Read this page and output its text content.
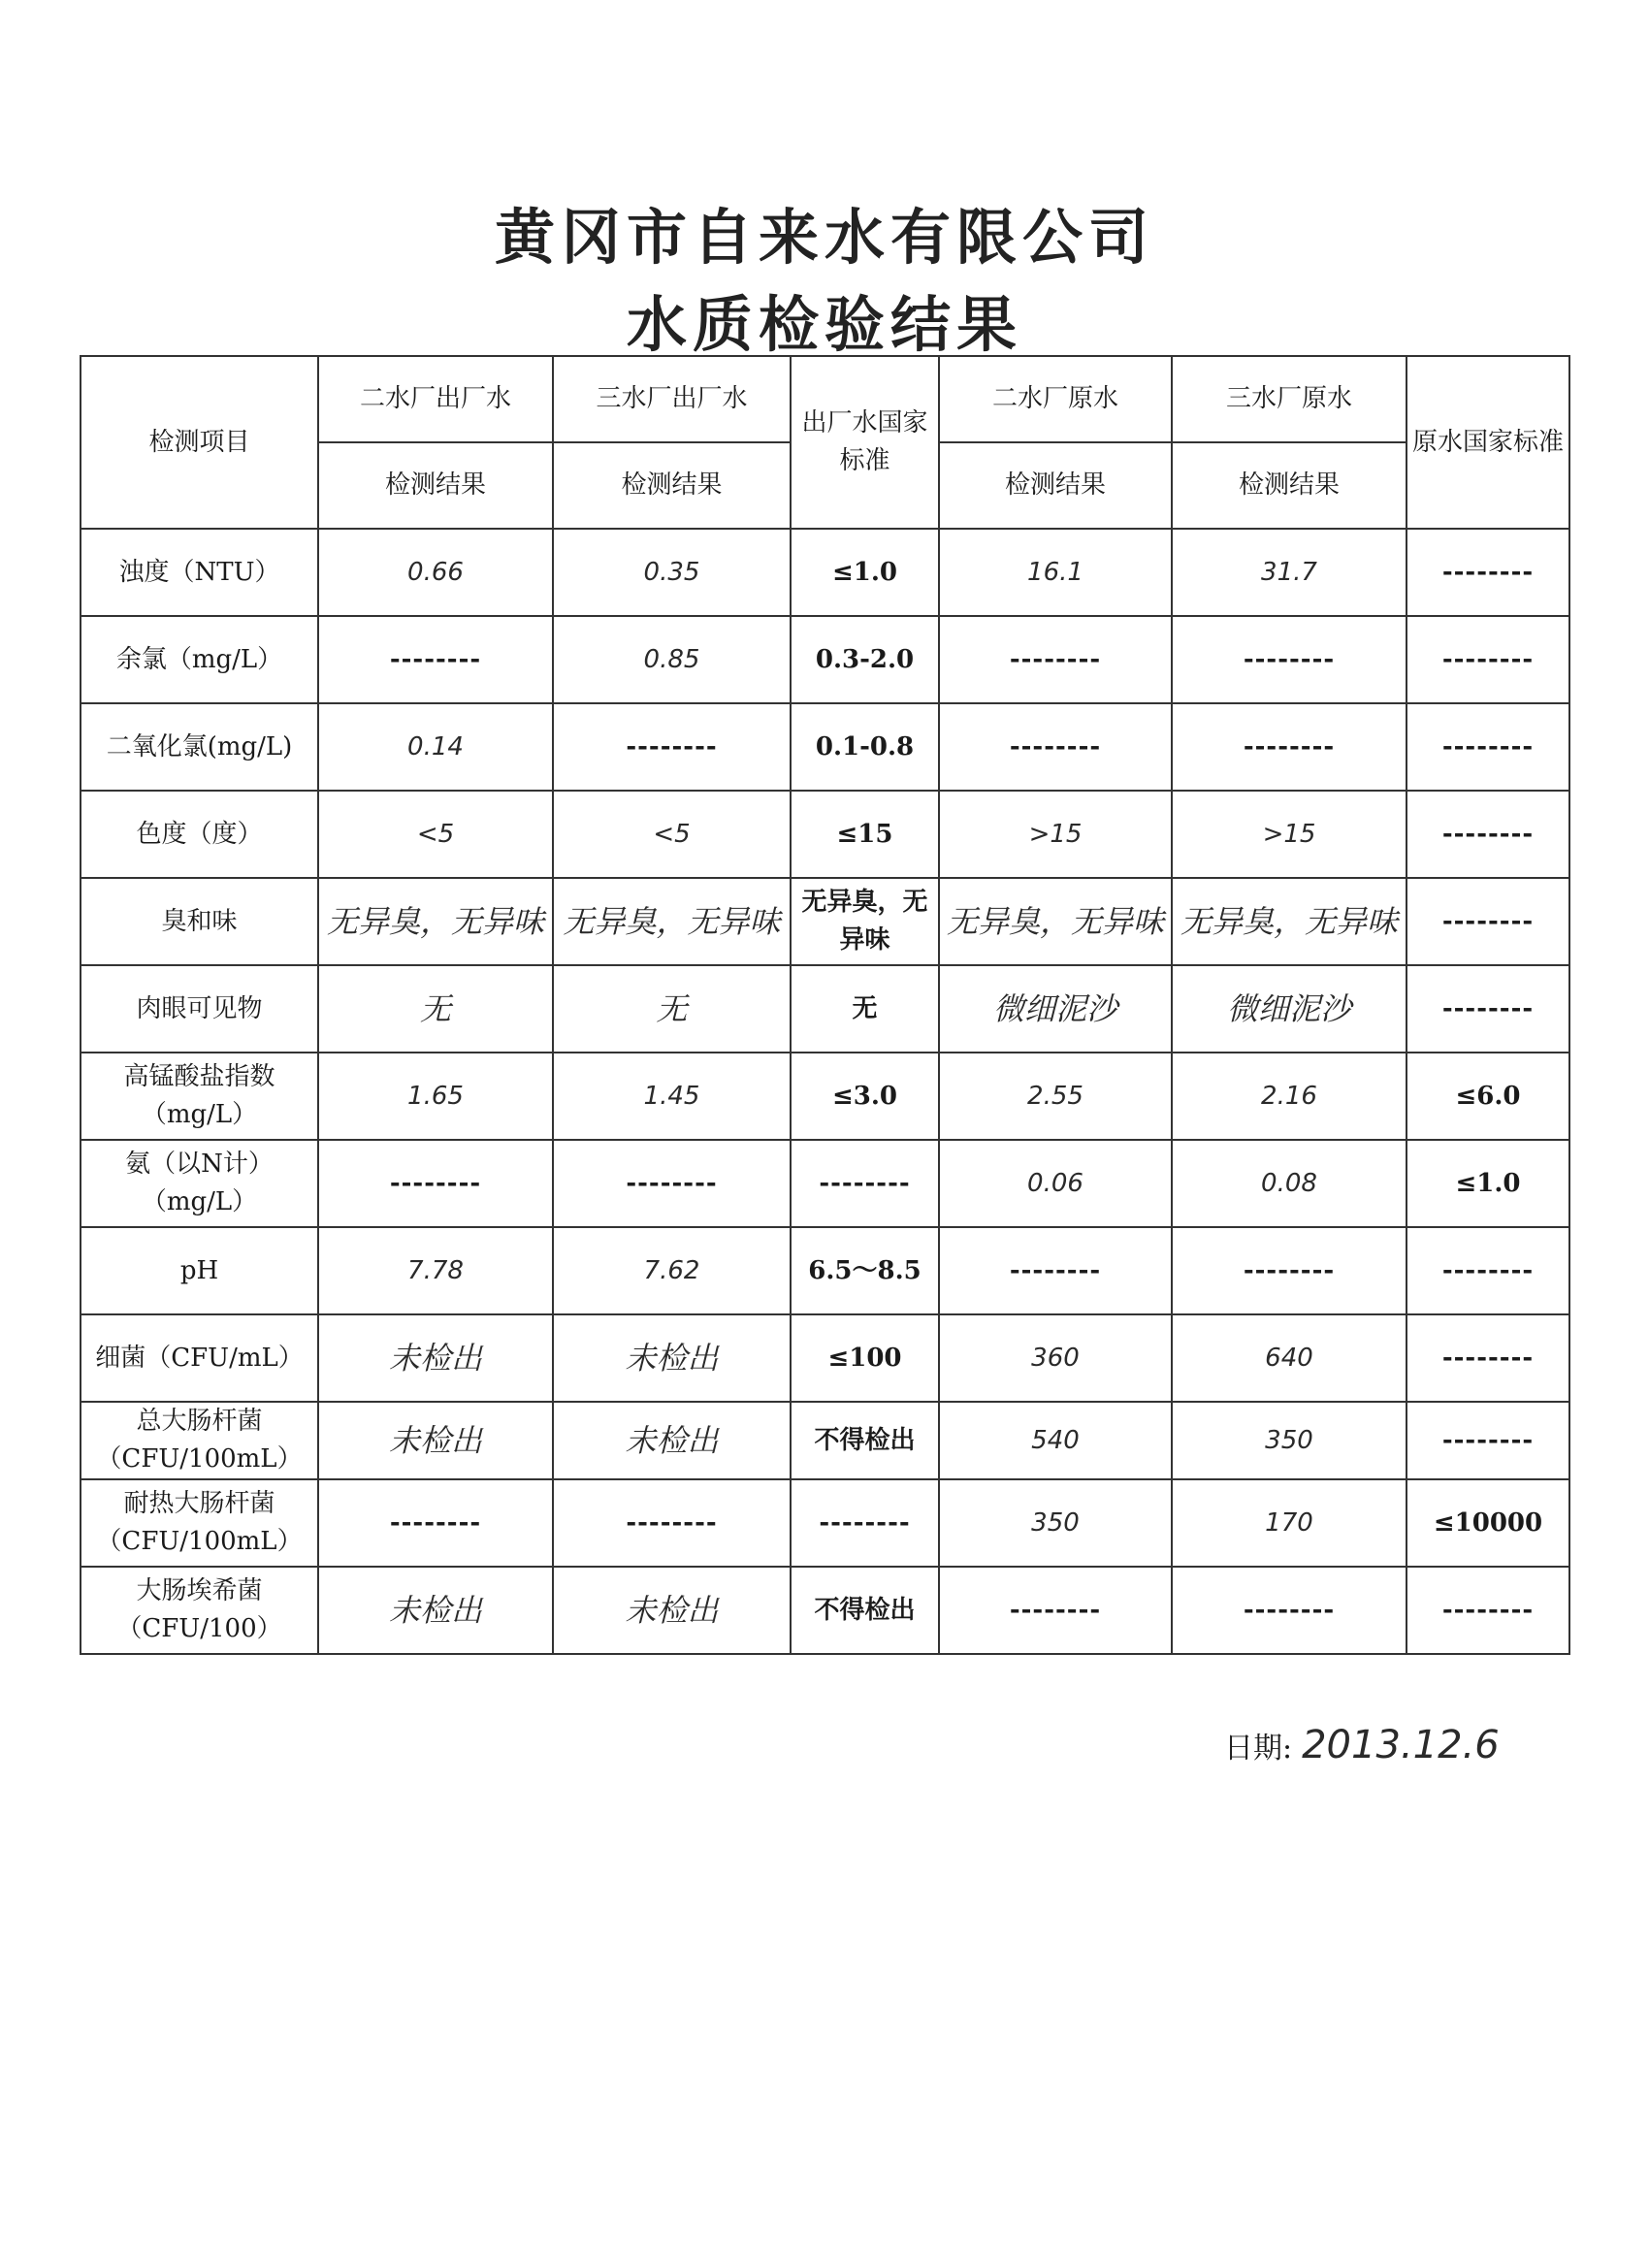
黄冈市自来水有限公司
水质检验结果
检测项目	二水厂出厂水	三水厂出厂水	出厂水国家标准	二水厂原水	三水厂原水	原水国家标准
	检测结果	检测结果		检测结果	检测结果	
浊度（NTU）	0.66	0.35	≤1.0	16.1	31.7	--------
余氯（mg/L）	--------	0.85	0.3-2.0	--------	--------	--------
二氧化氯(mg/L)	0.14	--------	0.1-0.8	--------	--------	--------
色度（度）	<5	<5	≤15	>15	>15	--------
臭和味	无异臭，无异味	无异臭，无异味	无异臭，无异味	无异臭，无异味	无异臭，无异味	--------
肉眼可见物	无	无	无	微细泥沙	微细泥沙	--------
高锰酸盐指数（mg/L）	1.65	1.45	≤3.0	2.55	2.16	≤6.0
氨（以N计）（mg/L）	--------	--------	--------	0.06	0.08	≤1.0
pH	7.78	7.62	6.5～8.5	--------	--------	--------
细菌（CFU/mL）	未检出	未检出	≤100	360	640	--------
总大肠杆菌（CFU/100mL）	未检出	未检出	不得检出	540	350	--------
耐热大肠杆菌（CFU/100mL）	--------	--------	--------	350	170	≤10000
大肠埃希菌（CFU/100）	未检出	未检出	不得检出	--------	--------	--------
日期: 2013.12.6
